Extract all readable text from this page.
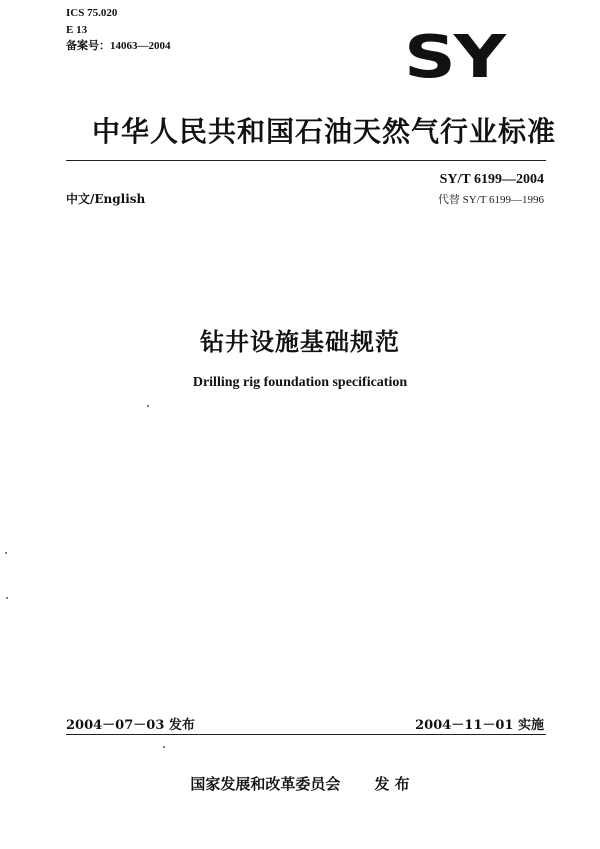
ICS 75.020
E 13
备案号：14063—2004	SY
中华人民共和国石油天然气行业标准
中文/English
SY/T 6199—2004
代替 SY/T 6199—1996
钻井设施基础规范
Drilling rig foundation specification
2004－07－03 发布	2004－11－01 实施
国家发展和改革委员会 发 布
